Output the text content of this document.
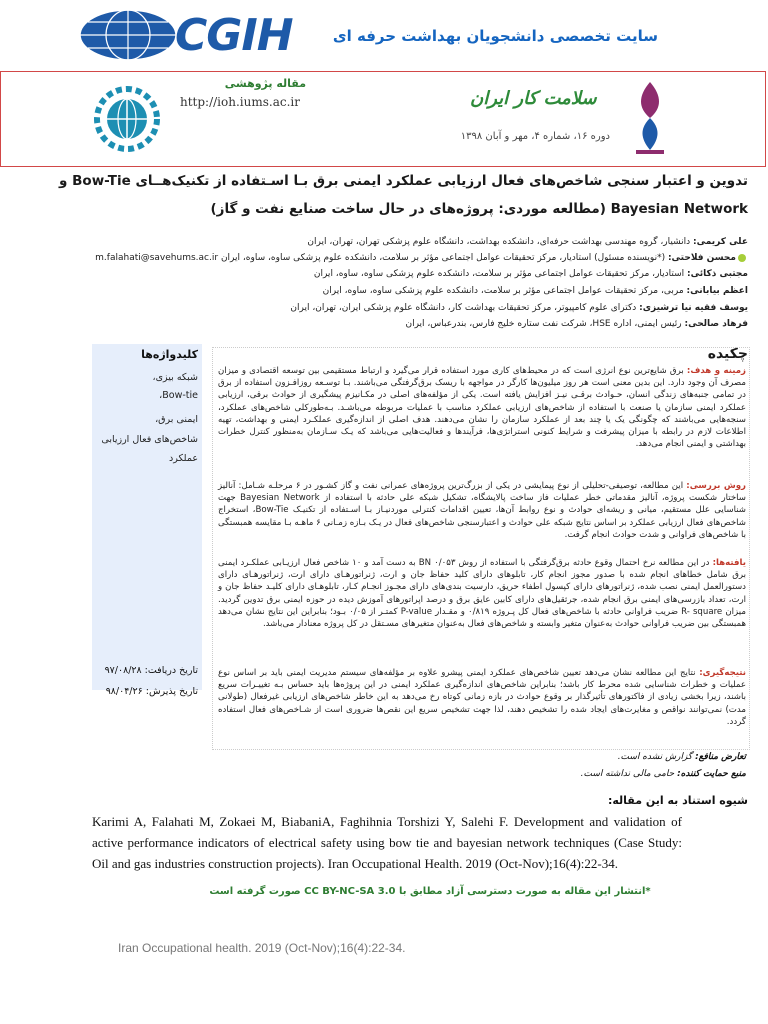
CGIH	سایت تخصصی دانشجویان بهداشت حرفه ای
مقاله پژوهشی
http://ioh.iums.ac.ir	سلامت کار ایران
دوره ۱۶، شماره ۴، مهر و آبان ۱۳۹۸
تدوین و اعتبار سنجی شاخص‌های فعال ارزیابی عملکرد ایمنی برق بـا اسـتفاده از تکنیک‌هــای Bow-Tie و
Bayesian Network (مطالعه موردی: پروژه‌های در حال ساخت صنایع نفت و گاز)
علی کریمی: دانشیار، گروه مهندسی بهداشت حرفه‌ای، دانشکده بهداشت، دانشگاه علوم پزشکی تهران، تهران، ایران
محسن فلاحتی: (*نویسنده مسئول) استادیار، مرکز تحقیقات عوامل اجتماعی مؤثر بر سلامت، دانشکده علوم پزشکی ساوه، ساوه، ایران m.falahati@savehums.ac.ir
مجتبی ذکائی: استادیار، مرکز تحقیقات عوامل اجتماعی مؤثر بر سلامت، دانشکده علوم پزشکی ساوه، ساوه، ایران
اعظم بیابانی: مربی، مرکز تحقیقات عوامل اجتماعی مؤثر بر سلامت، دانشکده علوم پزشکی ساوه، ساوه، ایران
یوسف فقیه نیا ترشیزی: دکترای علوم کامپیوتر، مرکز تحقیقات بهداشت کار، دانشگاه علوم پزشکی ایران، تهران، ایران
فرهاد صالحی: رئیس ایمنی، اداره HSE، شرکت نفت ستاره خلیج فارس، بندرعباس، ایران
کلیدواژه‌ها
شبکه بیزی،
Bow-tie،
ایمنی برق،
شاخص‌های فعال ارزیابی
عملکرد
تاریخ دریافت: ۹۷/۰۸/۲۸
تاریخ پذیرش: ۹۸/۰۴/۲۶
چکیده
زمینه و هدف: برق شایع‌ترین نوع انرژی است که در محیط‌های کاری مورد استفاده قرار می‌گیرد و ارتباط مستقیمی بین توسعه اقتصادی و میزان مصرف آن وجود دارد. این بدین معنی است هر روز میلیون‌ها کارگر در مواجهه با ریسک برق‌گرفتگی می‌باشند. بـا توسـعه روزافـزون استفاده از برق در تمامی جنبه‌های زندگی انسان، حـوادث برقـی نیـز افزایش یافته است. یکی از مؤلفه‌های اصلی در مکـانیزم پیشگیری از حوادث برقی، ارزیابی عملکرد ایمنی سازمان یا صنعت با استفاده از شاخص‌های ارزیابی عملکرد مناسب با عملیات مربوطه می‌باشـد. بـه‌طورکلی شاخص‌های عملکرد، سنجه‌هایی می‌باشند که چگونگی یک یا چند بعد از عملکرد سازمان را نشان می‌دهند. هدف اصلی از اندازه‌گیری عملکـرد ایمنی و بهداشت، تهیه اطلاعات لازم در رابطه با میزان پیشرفت و شرایط کنونی استراتژی‌ها، فرآیندها و فعالیت‌هایی می‌باشد که یـک سـازمان به‌منظور کنترل خطرات بهداشتی و ایمنی انجام می‌دهد.
روش بررسی: این مطالعه، توصیفی-تحلیلی از نوع پیمایشی در یکی از بزرگ‌ترین پروژه‌های عمرانی نفت و گاز کشـور در ۶ مرحلـه شـامل: آنالیز ساختار شکست پروژه، آنالیز مقدماتی خطر عملیات فاز ساخت پالایشگاه، تشکیل شبکه علی حادثه با استفاده از Bayesian Network جهت شناسایی علل مستقیم، میانی و ریشه‌ای حوادث و نوع روابط آن‌ها، تعیین اقدامات کنترلی موردنیـاز بـا اسـتفاده از تکنیـک Bow-Tie، استخراج شاخص‌های فعال ارزیابی عملکرد بر اساس نتایج شبکه علی حوادث و اعتبارسنجی شاخص‌های فعال در یـک بـازه زمـانی ۶ ماهـه بـا مقایسه همبستگی با شاخص‌های فراوانی و شدت حوادث انجام گرفت.
یافته‌ها: در این مطالعه نرخ احتمال وقوع حادثه برق‌گرفتگی با استفاده از روش BN ۰/۰۵۳ به دست آمد و ۱۰ شاخص فعال ارزیـابی عملکـرد ایمنی برق شامل خطاهای انجام شده با صدور مجوز انجام کار، تابلوهای دارای کلید حفاظ جان و ارت، ژنراتورهـای دارای ارت، ژنراتورهـای دارای دستورالعمل ایمنی نصب شده، ژنراتورهای دارای کپسول اطفاء حریق، دارسیت بندی‌های دارای مجـوز انجـام کـار، تابلوهـای دارای کلیـد حفاظ جان و ارت، تعداد بازرسی‌های ایمنی برق انجام شده، جرثقیل‌های دارای کابین عایق برق و درصد اپراتورهای آموزش دیده در حوزه ایمنی برق تدوین گردید. میزان R- square ضریب فراوانی حادثه با شاخص‌های فعال کل پـروژه ۰/۸۱۹ و مقـدار P-value کمتـر از ۰/۰۵ بـود؛ بنابراین این نتایج نشان می‌دهد همبستگی بین ضریب فراوانی حوادث به‌عنوان متغیر وابسته و شاخص‌های فعال به‌عنوان متغیرهای مسـتقل در کل پروژه معنادار می‌باشد.
نتیجه‌گیری: نتایج این مطالعه نشان می‌دهد تعیین شاخص‌های عملکرد ایمنی پیشرو علاوه بر مؤلفه‌های سیستم مدیریت ایمنی باید بر اساس نوع عملیات و خطرات شناسایی شده محرط کار باشد؛ بنابراین شاخص‌های اندازه‌گیری عملکرد ایمنی در این پروژه‌ها باید حساس بـه تغییـرات سریع باشند، زیرا بخشی زیادی از فاکتورهای تأثیرگذار بر وقوع حوادث در بازه زمانی کوتاه رخ می‌دهد به این خاطر شاخص‌های ارزیابی غیرفعال (طولانی مدت) نمی‌توانند نواقص و مغایرت‌های ایجاد شده را تشخیص دهند، لذا جهت تشخیص سریع این نقص‌ها ضروری است از شـاخص‌های فعال استفاده گردد.
تعارض منافع: گزارش نشده است.
منبع حمایت کننده: حامی مالی نداشته است.
شیوه استناد به این مقاله:
Karimi A, Falahati M, Zokaei M, BiabaniA, Faghihnia Torshizi Y, Salehi F. Development and validation of active performance indicators of electrical safety using bow tie and bayesian network techniques (Case Study: Oil and gas industries construction projects). Iran Occupational Health. 2019 (Oct-Nov);16(4):22-34.
*انتشار این مقاله به صورت دسترسی آزاد مطابق با CC BY-NC-SA 3.0 صورت گرفته است
Iran Occupational health. 2019 (Oct-Nov);16(4):22-34.
